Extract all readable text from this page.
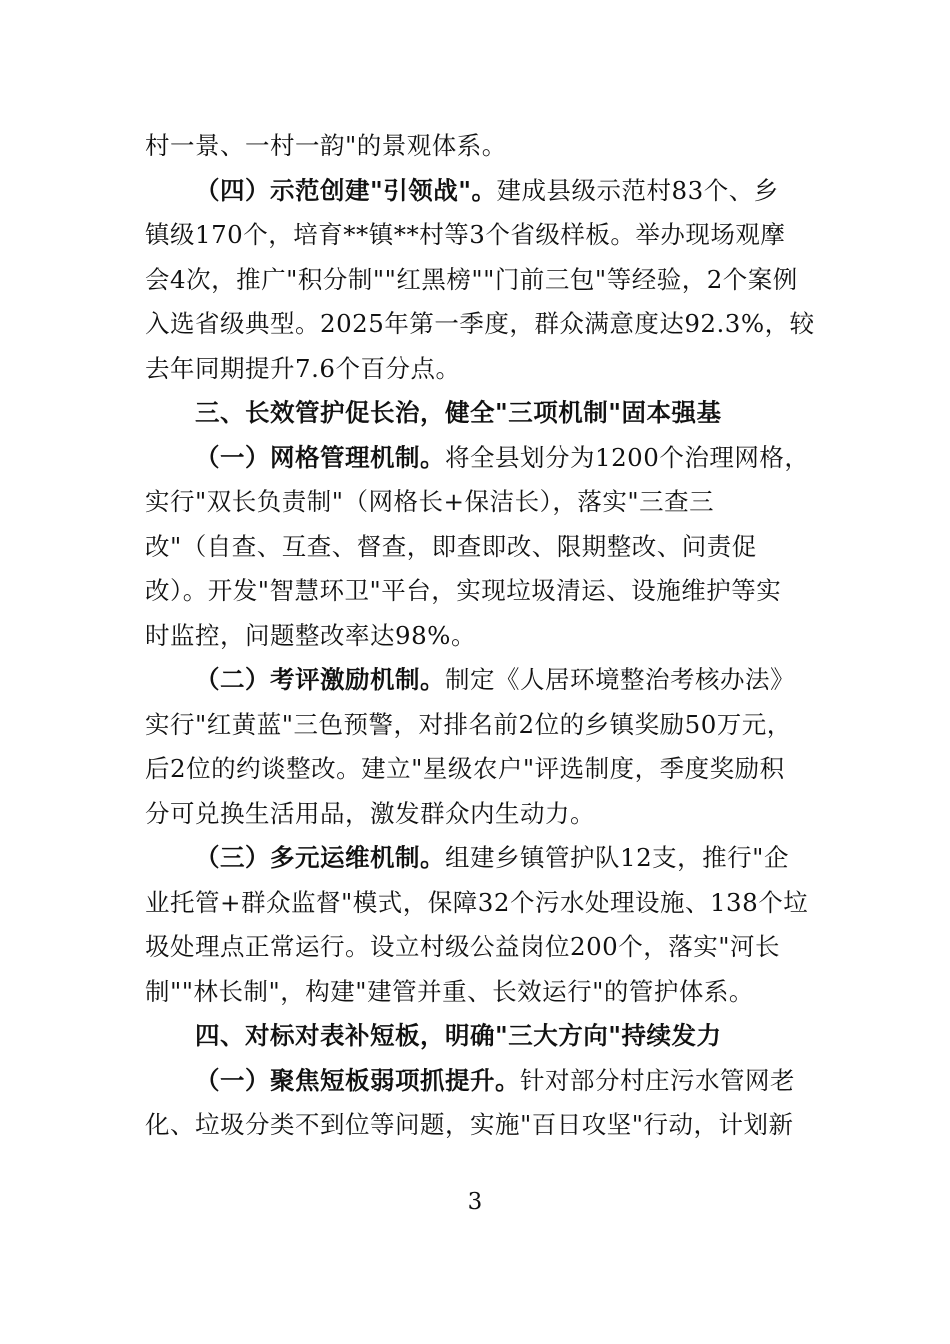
村一景、一村一韵"的景观体系。
（四）示范创建"引领战"。建成县级示范村83个、乡
镇级170个，培育**镇**村等3个省级样板。举办现场观摩
会4次，推广"积分制""红黑榜""门前三包"等经验，2个案例
入选省级典型。2025年第一季度，群众满意度达92.3%，较
去年同期提升7.6个百分点。
三、长效管护促长治，健全"三项机制"固本强基
（一）网格管理机制。将全县划分为1200个治理网格，
实行"双长负责制"（网格长+保洁长），落实"三查三
改"（自查、互查、督查，即查即改、限期整改、问责促
改）。开发"智慧环卫"平台，实现垃圾清运、设施维护等实
时监控，问题整改率达98%。
（二）考评激励机制。制定《人居环境整治考核办法》
实行"红黄蓝"三色预警，对排名前2位的乡镇奖励50万元，
后2位的约谈整改。建立"星级农户"评选制度，季度奖励积
分可兑换生活用品，激发群众内生动力。
（三）多元运维机制。组建乡镇管护队12支，推行"企
业托管+群众监督"模式，保障32个污水处理设施、138个垃
圾处理点正常运行。设立村级公益岗位200个，落实"河长
制""林长制"，构建"建管并重、长效运行"的管护体系。
四、对标对表补短板，明确"三大方向"持续发力
（一）聚焦短板弱项抓提升。针对部分村庄污水管网老
化、垃圾分类不到位等问题，实施"百日攻坚"行动，计划新
3
